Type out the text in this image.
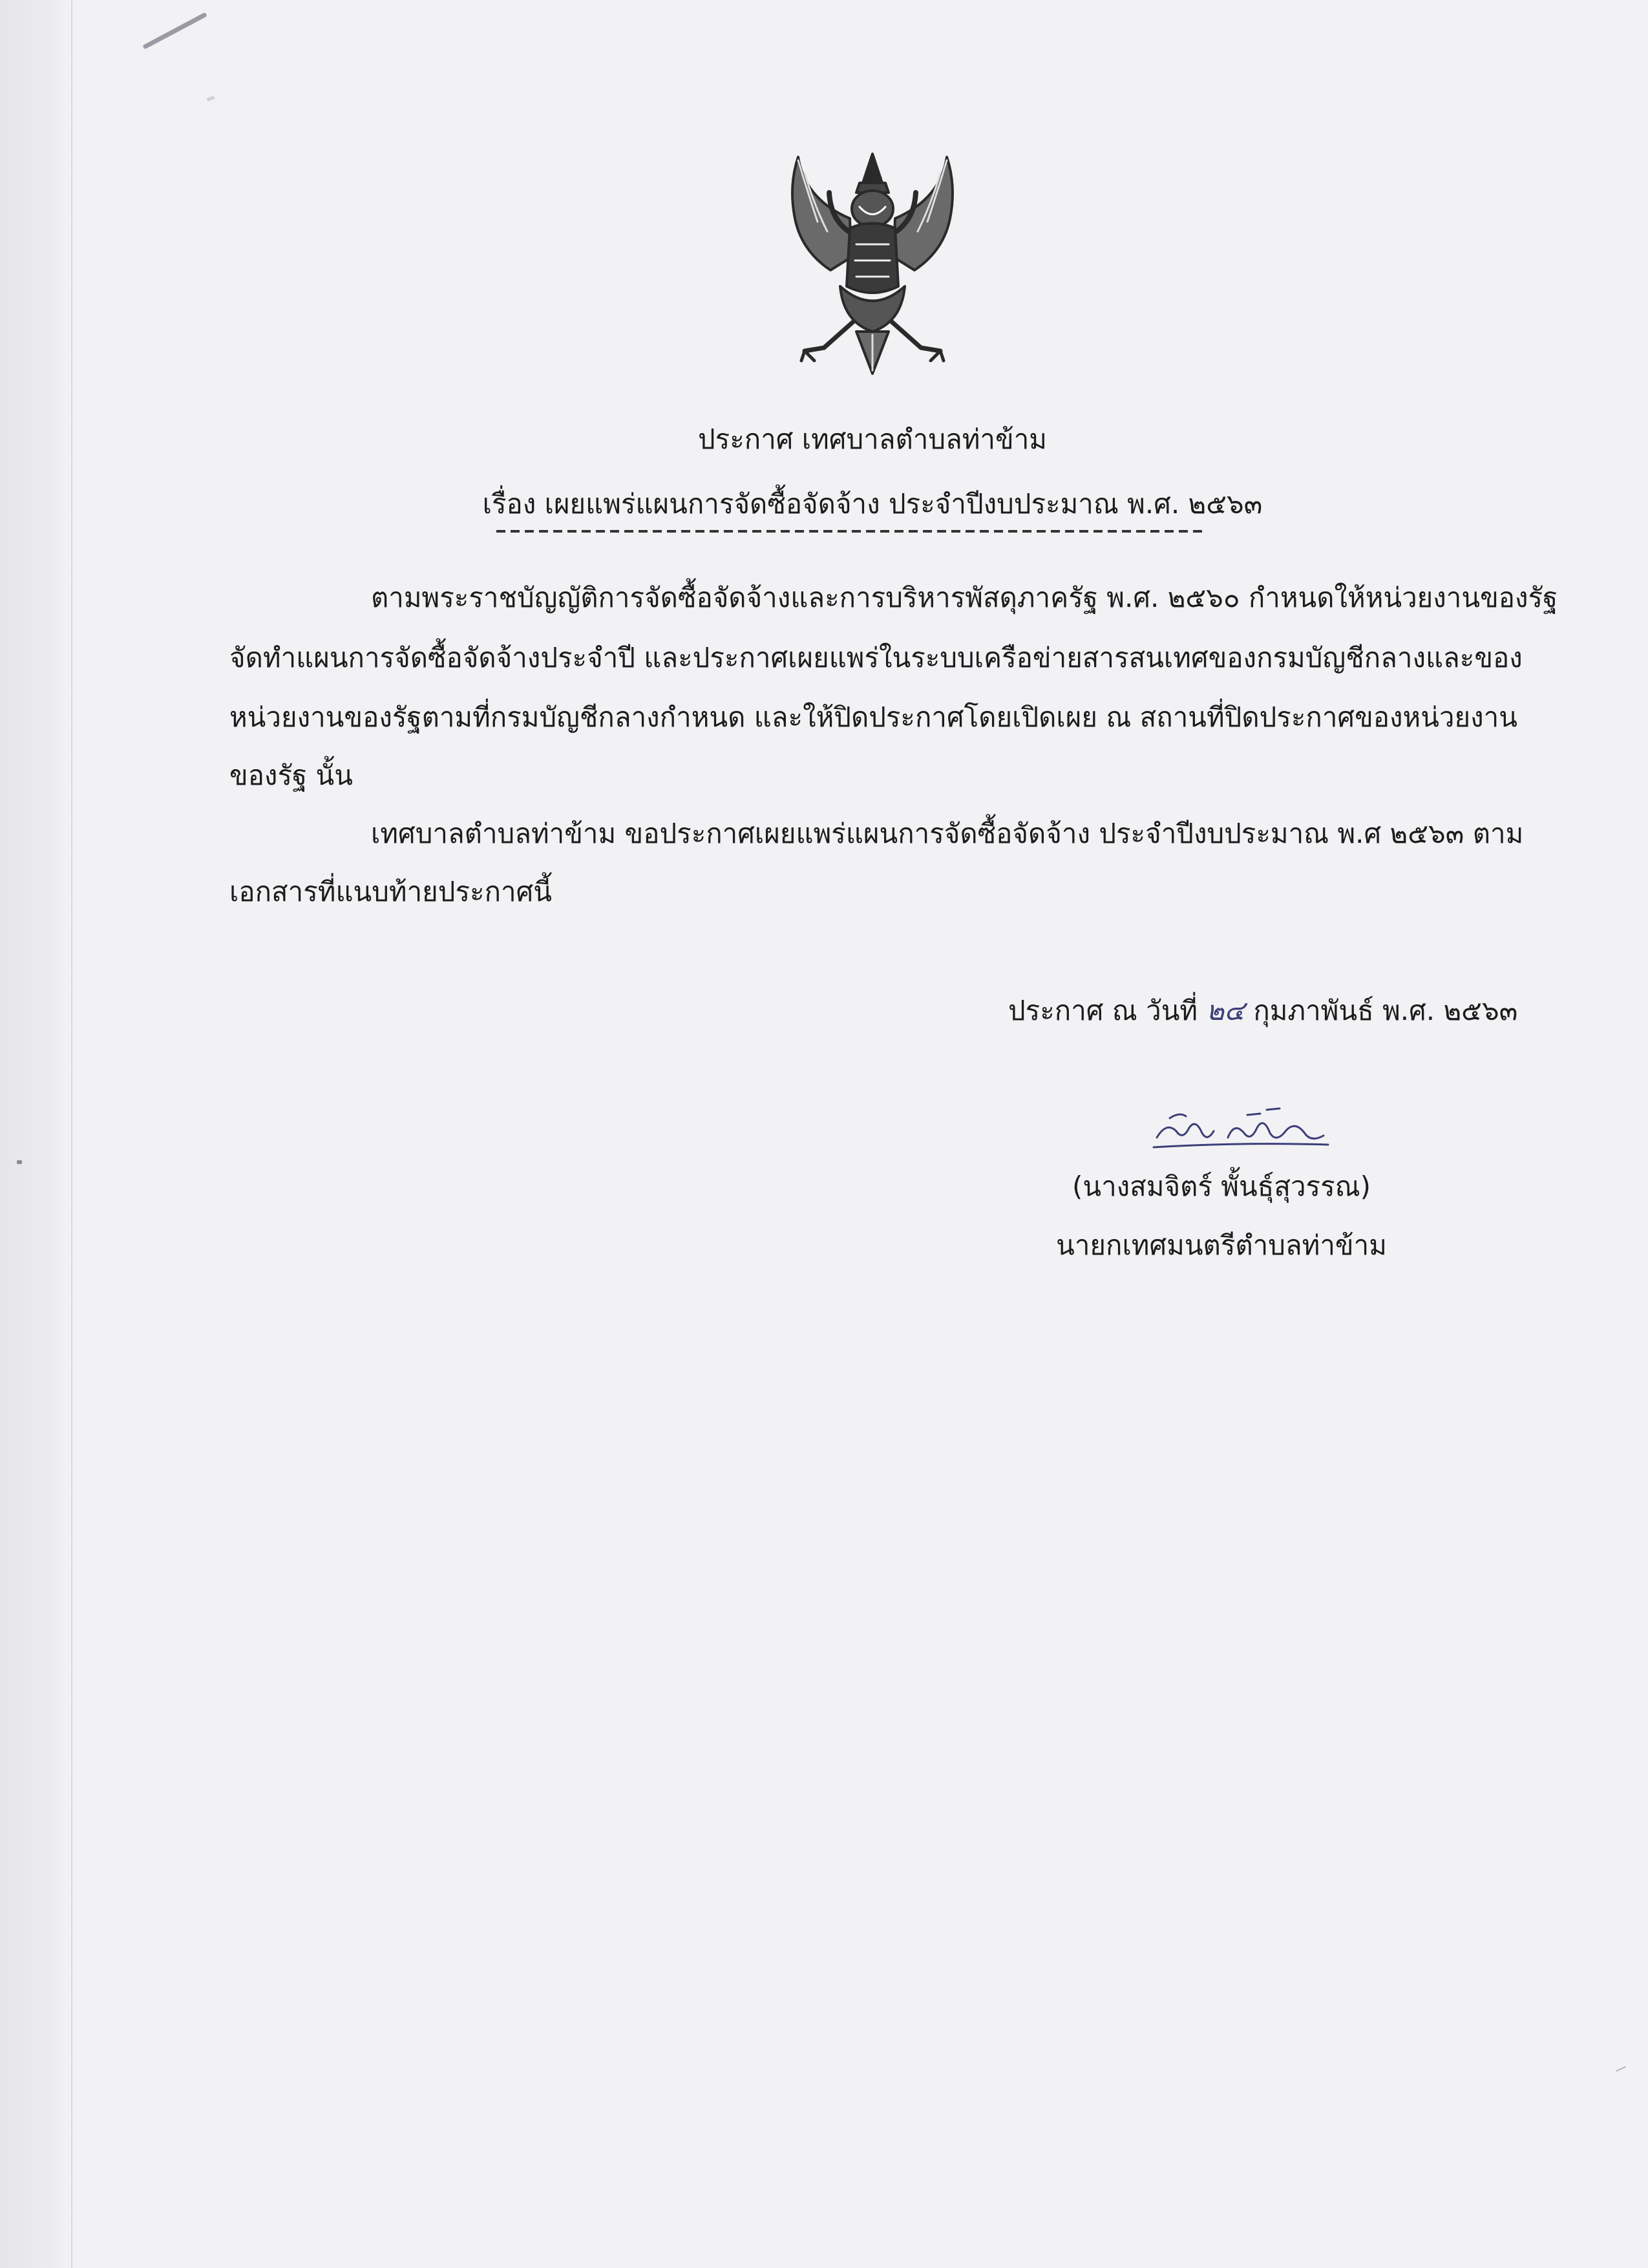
ประกาศ เทศบาลตำบลท่าข้าม
เรื่อง เผยแพร่แผนการจัดซื้อจัดจ้าง ประจำปีงบประมาณ พ.ศ. ๒๕๖๓
ตามพระราชบัญญัติการจัดซื้อจัดจ้างและการบริหารพัสดุภาครัฐ พ.ศ. ๒๕๖๐ กำหนดให้หน่วยงานของรัฐ
จัดทำแผนการจัดซื้อจัดจ้างประจำปี และประกาศเผยแพร่ในระบบเครือข่ายสารสนเทศของกรมบัญชีกลางและของ
หน่วยงานของรัฐตามที่กรมบัญชีกลางกำหนด และให้ปิดประกาศโดยเปิดเผย ณ สถานที่ปิดประกาศของหน่วยงาน
ของรัฐ นั้น
เทศบาลตำบลท่าข้าม ขอประกาศเผยแพร่แผนการจัดซื้อจัดจ้าง ประจำปีงบประมาณ พ.ศ ๒๕๖๓ ตาม
เอกสารที่แนบท้ายประกาศนี้
ประกาศ ณ วันที่ ๒๔ กุมภาพันธ์ พ.ศ. ๒๕๖๓
(นางสมจิตร์ พั้นธุ์สุวรรณ)
นายกเทศมนตรีตำบลท่าข้าม
